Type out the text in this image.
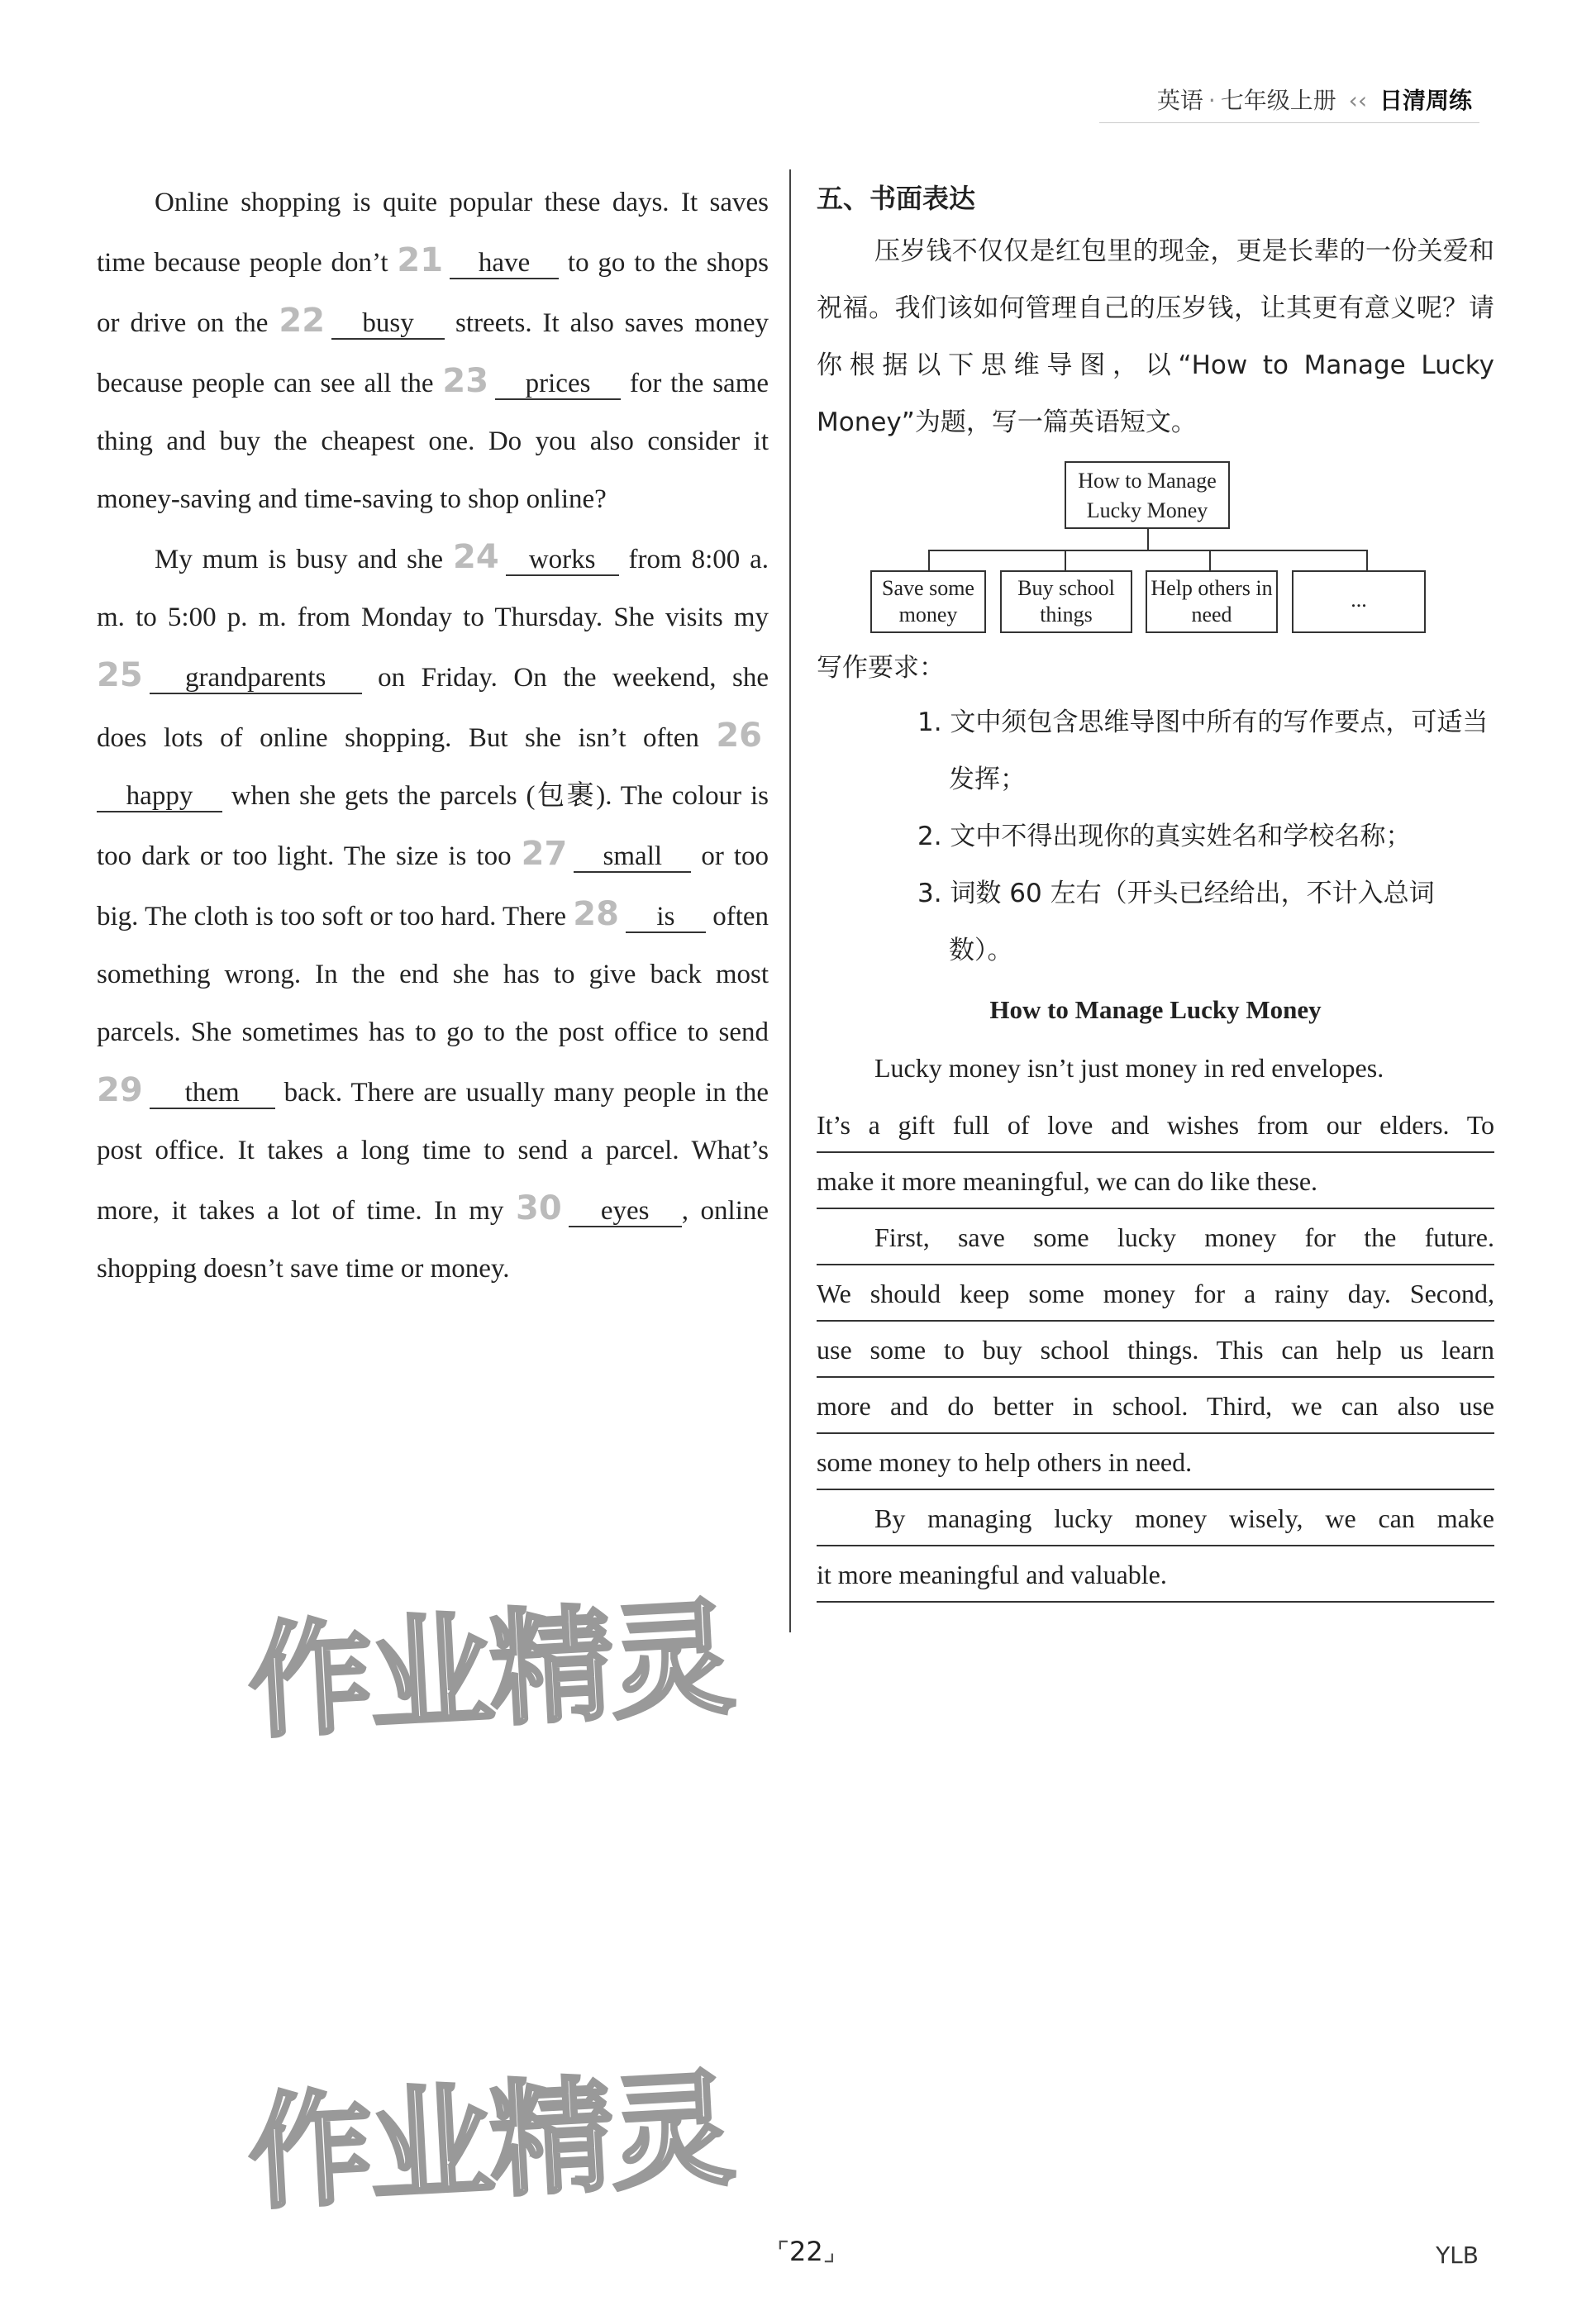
英语 · 七年级上册 ‹‹ 日清周练

Online shopping is quite popular these days. It saves time because people don’t 21 have to go to the shops or drive on the 22 busy streets. It also saves money because people can see all the 23 prices for the same thing and buy the cheapest one. Do you also consider it money-saving and time-saving to shop online?

My mum is busy and she 24 works from 8:00 a. m. to 5:00 p. m. from Monday to Thursday. She visits my 25 grandparents on Friday. On the weekend, she does lots of online shopping. But she isn’t often 26happy when she gets the parcels (包裹). The colour is too dark or too light. The size is too 27 small or too big. The cloth is too soft or too hard. There 28 is often something wrong. In the end she has to give back most parcels. She sometimes has to go to the post office to send 29 them back. There are usually many people in the post office. It takes a long time to send a parcel. What’s more, it takes a lot of time. In my 30 eyes , online shopping doesn’t save time or money.

五、书面表达
压岁钱不仅仅是红包里的现金，更是长辈的一份关爱和祝福。我们该如何管理自己的压岁钱，让其更有意义呢？请你根据以下思维导图，以“How to Manage Lucky Money”为题，写一篇英语短文。
How to Manage Lucky Money
Save some money
Buy school things
Help others in need
...
写作要求：
1. 文中须包含思维导图中所有的写作要点，可适当发挥；
2. 文中不得出现你的真实姓名和学校名称；
3. 词数 60 左右（开头已经给出，不计入总词数）。
How to Manage Lucky Money
Lucky money isn’t just money in red envelopes.
It’s a gift full of love and wishes from our elders. To
make it more meaningful, we can do like these.
First, save some lucky money for the future.
We should keep some money for a rainy day. Second,
use some to buy school things. This can help us learn
more and do better in school. Third, we can also use
some money to help others in need.
By managing lucky money wisely, we can make
it more meaningful and valuable.
作业精灵
作业精灵
⌜ 22 ⌟	YLB
